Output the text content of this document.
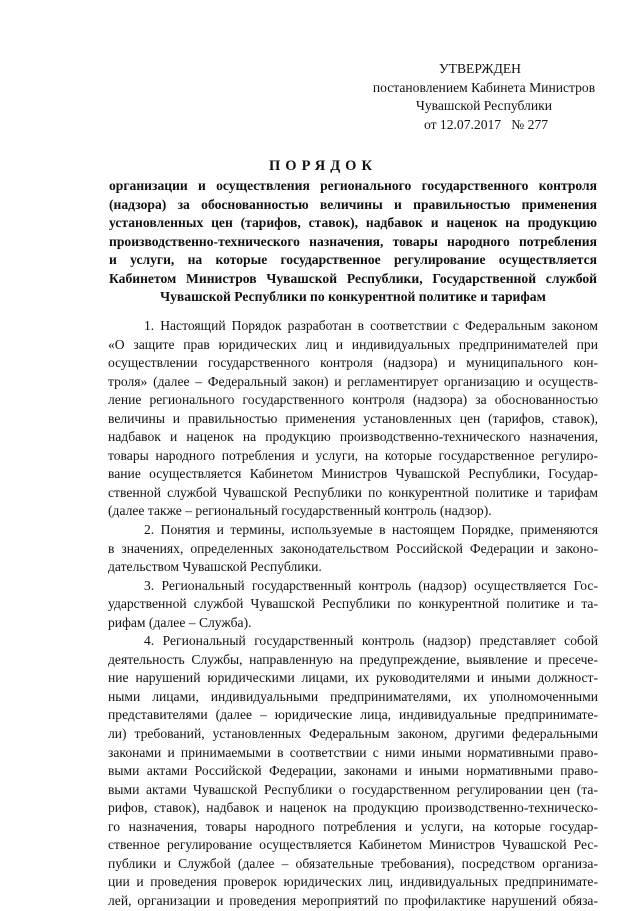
УТВЕРЖДЕН
постановлением Кабинета Министров
Чувашской Республики
от 12.07.2017   № 277
ПОРЯДОК
организации и осуществления регионального государственного контроля
(надзора) за обоснованностью величины и правильностью применения
установленных цен (тарифов, ставок), надбавок и наценок на продукцию
производственно-технического назначения, товары народного потребления
и услуги, на которые государственное регулирование осуществляется
Кабинетом Министров Чувашской Республики, Государственной службой
Чувашской Республики по конкурентной политике и тарифам
1. Настоящий Порядок разработан в соответствии с Федеральным законом
«О защите прав юридических лиц и индивидуальных предпринимателей при
осуществлении государственного контроля (надзора) и муниципального кон-
троля» (далее – Федеральный закон) и регламентирует организацию и осуществ-
ление регионального государственного контроля (надзора) за обоснованностью
величины и правильностью применения установленных цен (тарифов, ставок),
надбавок и наценок на продукцию производственно-технического назначения,
товары народного потребления и услуги, на которые государственное регулиро-
вание осуществляется Кабинетом Министров Чувашской Республики, Государ-
ственной службой Чувашской Республики по конкурентной политике и тарифам
(далее также – региональный государственный контроль (надзор).
2. Понятия и термины, используемые в настоящем Порядке, применяются
в значениях, определенных законодательством Российской Федерации и законо-
дательством Чувашской Республики.
3. Региональный государственный контроль (надзор) осуществляется Гос-
ударственной службой Чувашской Республики по конкурентной политике и та-
рифам (далее – Служба).
4. Региональный государственный контроль (надзор) представляет собой
деятельность Службы, направленную на предупреждение, выявление и пресече-
ние нарушений юридическими лицами, их руководителями и иными должност-
ными лицами, индивидуальными предпринимателями, их уполномоченными
представителями (далее – юридические лица, индивидуальные предпринимате-
ли) требований, установленных Федеральным законом, другими федеральными
законами и принимаемыми в соответствии с ними иными нормативными право-
выми актами Российской Федерации, законами и иными нормативными право-
выми актами Чувашской Республики о государственном регулировании цен (та-
рифов, ставок), надбавок и наценок на продукцию производственно-техническо-
го назначения, товары народного потребления и услуги, на которые государ-
ственное регулирование осуществляется Кабинетом Министров Чувашской Рес-
публики и Службой (далее – обязательные требования), посредством организа-
ции и проведения проверок юридических лиц, индивидуальных предпринимате-
лей, организации и проведения мероприятий по профилактике нарушений обяза-
